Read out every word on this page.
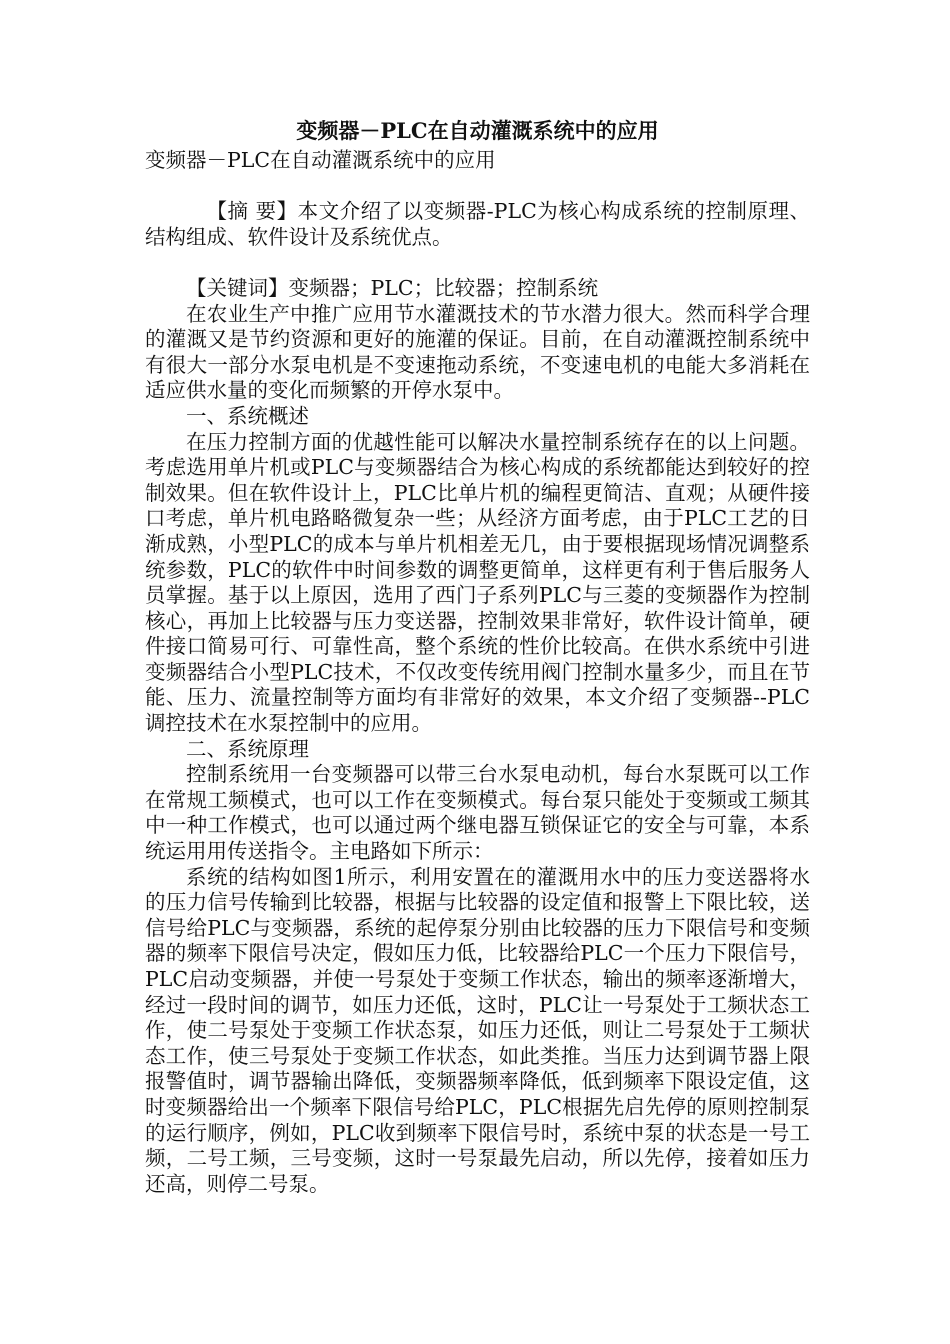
变频器－PLC在自动灌溉系统中的应用

变频器－PLC在自动灌溉系统中的应用

【摘 要】本文介绍了以变频器-PLC为核心构成系统的控制原理、结构组成、软件设计及系统优点。

【关键词】变频器；PLC；比较器；控制系统

在农业生产中推广应用节水灌溉技术的节水潜力很大。然而科学合理的灌溉又是节约资源和更好的施灌的保证。目前，在自动灌溉控制系统中有很大一部分水泵电机是不变速拖动系统，不变速电机的电能大多消耗在适应供水量的变化而频繁的开停水泵中。

一、系统概述

在压力控制方面的优越性能可以解决水量控制系统存在的以上问题。考虑选用单片机或PLC与变频器结合为核心构成的系统都能达到较好的控制效果。但在软件设计上，PLC比单片机的编程更简洁、直观；从硬件接口考虑，单片机电路略微复杂一些；从经济方面考虑，由于PLC工艺的日渐成熟，小型PLC的成本与单片机相差无几，由于要根据现场情况调整系统参数，PLC的软件中时间参数的调整更简单，这样更有利于售后服务人员掌握。基于以上原因，选用了西门子系列PLC与三菱的变频器作为控制核心，再加上比较器与压力变送器，控制效果非常好，软件设计简单，硬件接口简易可行、可靠性高，整个系统的性价比较高。在供水系统中引进变频器结合小型PLC技术，不仅改变传统用阀门控制水量多少，而且在节能、压力、流量控制等方面均有非常好的效果，本文介绍了变频器--PLC调控技术在水泵控制中的应用。

二、系统原理

控制系统用一台变频器可以带三台水泵电动机，每台水泵既可以工作在常规工频模式，也可以工作在变频模式。每台泵只能处于变频或工频其中一种工作模式，也可以通过两个继电器互锁保证它的安全与可靠，本系统运用用传送指令。主电路如下所示：

系统的结构如图1所示，利用安置在的灌溉用水中的压力变送器将水的压力信号传输到比较器，根据与比较器的设定值和报警上下限比较，送信号给PLC与变频器，系统的起停泵分别由比较器的压力下限信号和变频器的频率下限信号决定，假如压力低，比较器给PLC一个压力下限信号，PLC启动变频器，并使一号泵处于变频工作状态，输出的频率逐渐增大，经过一段时间的调节，如压力还低，这时，PLC让一号泵处于工频状态工作，使二号泵处于变频工作状态泵，如压力还低，则让二号泵处于工频状态工作，使三号泵处于变频工作状态，如此类推。当压力达到调节器上限报警值时，调节器输出降低，变频器频率降低，低到频率下限设定值，这时变频器给出一个频率下限信号给PLC，PLC根据先启先停的原则控制泵的运行顺序，例如，PLC收到频率下限信号时，系统中泵的状态是一号工频，二号工频，三号变频，这时一号泵最先启动，所以先停，接着如压力还高，则停二号泵。
